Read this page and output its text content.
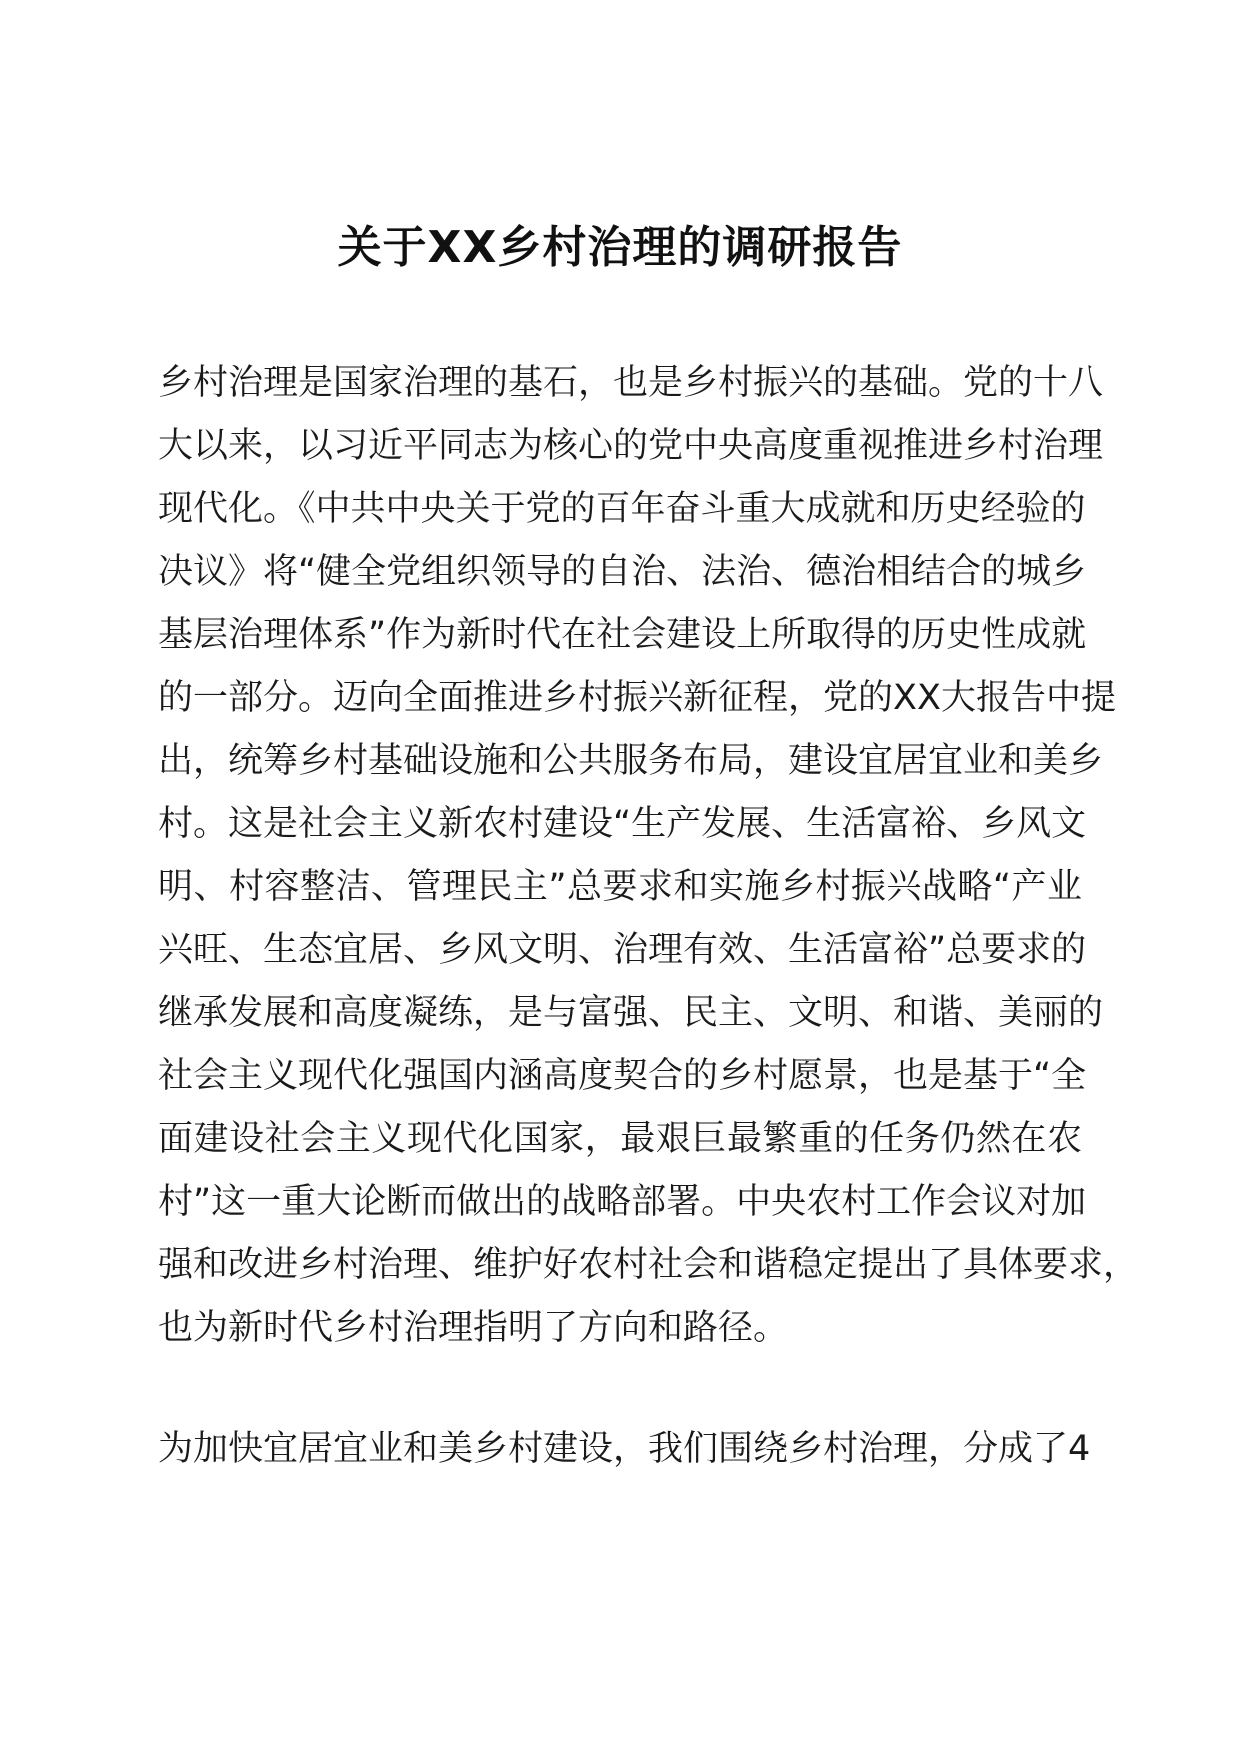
关于XX乡村治理的调研报告
乡村治理是国家治理的基石，也是乡村振兴的基础。党的十八
大以来，以习近平同志为核心的党中央高度重视推进乡村治理
现代化。《中共中央关于党的百年奋斗重大成就和历史经验的
决议》将“健全党组织领导的自治、法治、德治相结合的城乡
基层治理体系”作为新时代在社会建设上所取得的历史性成就
的一部分。迈向全面推进乡村振兴新征程，党的XX大报告中提
出，统筹乡村基础设施和公共服务布局，建设宜居宜业和美乡
村。这是社会主义新农村建设“生产发展、生活富裕、乡风文
明、村容整洁、管理民主”总要求和实施乡村振兴战略“产业
兴旺、生态宜居、乡风文明、治理有效、生活富裕”总要求的
继承发展和高度凝练，是与富强、民主、文明、和谐、美丽的
社会主义现代化强国内涵高度契合的乡村愿景，也是基于“全
面建设社会主义现代化国家，最艰巨最繁重的任务仍然在农
村”这一重大论断而做出的战略部署。中央农村工作会议对加
强和改进乡村治理、维护好农村社会和谐稳定提出了具体要求，
也为新时代乡村治理指明了方向和路径。
为加快宜居宜业和美乡村建设，我们围绕乡村治理，分成了4
